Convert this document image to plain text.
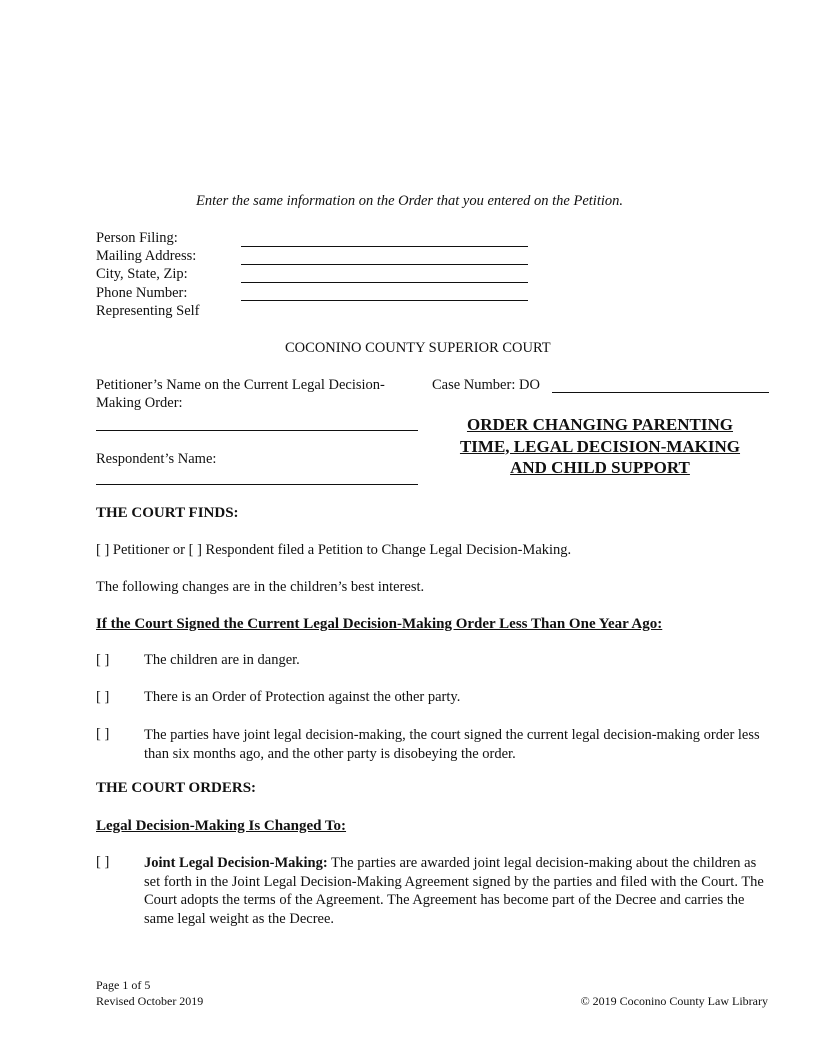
Enter the same information on the Order that you entered on the Petition.
Person Filing:
Mailing Address:
City, State, Zip:
Phone Number:
Representing Self
COCONINO COUNTY SUPERIOR COURT
Petitioner’s Name on the Current Legal Decision-
Making Order:
Respondent’s Name:
Case Number: DO
ORDER CHANGING PARENTING
TIME, LEGAL DECISION-MAKING
AND CHILD SUPPORT
THE COURT FINDS:
[ ] Petitioner or [ ] Respondent filed a Petition to Change Legal Decision-Making.
The following changes are in the children’s best interest.
If the Court Signed the Current Legal Decision-Making Order Less Than One Year Ago:
[ ] The children are in danger.
[ ] There is an Order of Protection against the other party.
[ ] The parties have joint legal decision-making, the court signed the current legal decision-making order less than six months ago, and the other party is disobeying the order.
THE COURT ORDERS:
Legal Decision-Making Is Changed To:
[ ] Joint Legal Decision-Making: The parties are awarded joint legal decision-making about the children as set forth in the Joint Legal Decision-Making Agreement signed by the parties and filed with the Court. The Court adopts the terms of the Agreement. The Agreement has become part of the Decree and carries the same legal weight as the Decree.
Page 1 of 5
Revised October 2019	© 2019 Coconino County Law Library
